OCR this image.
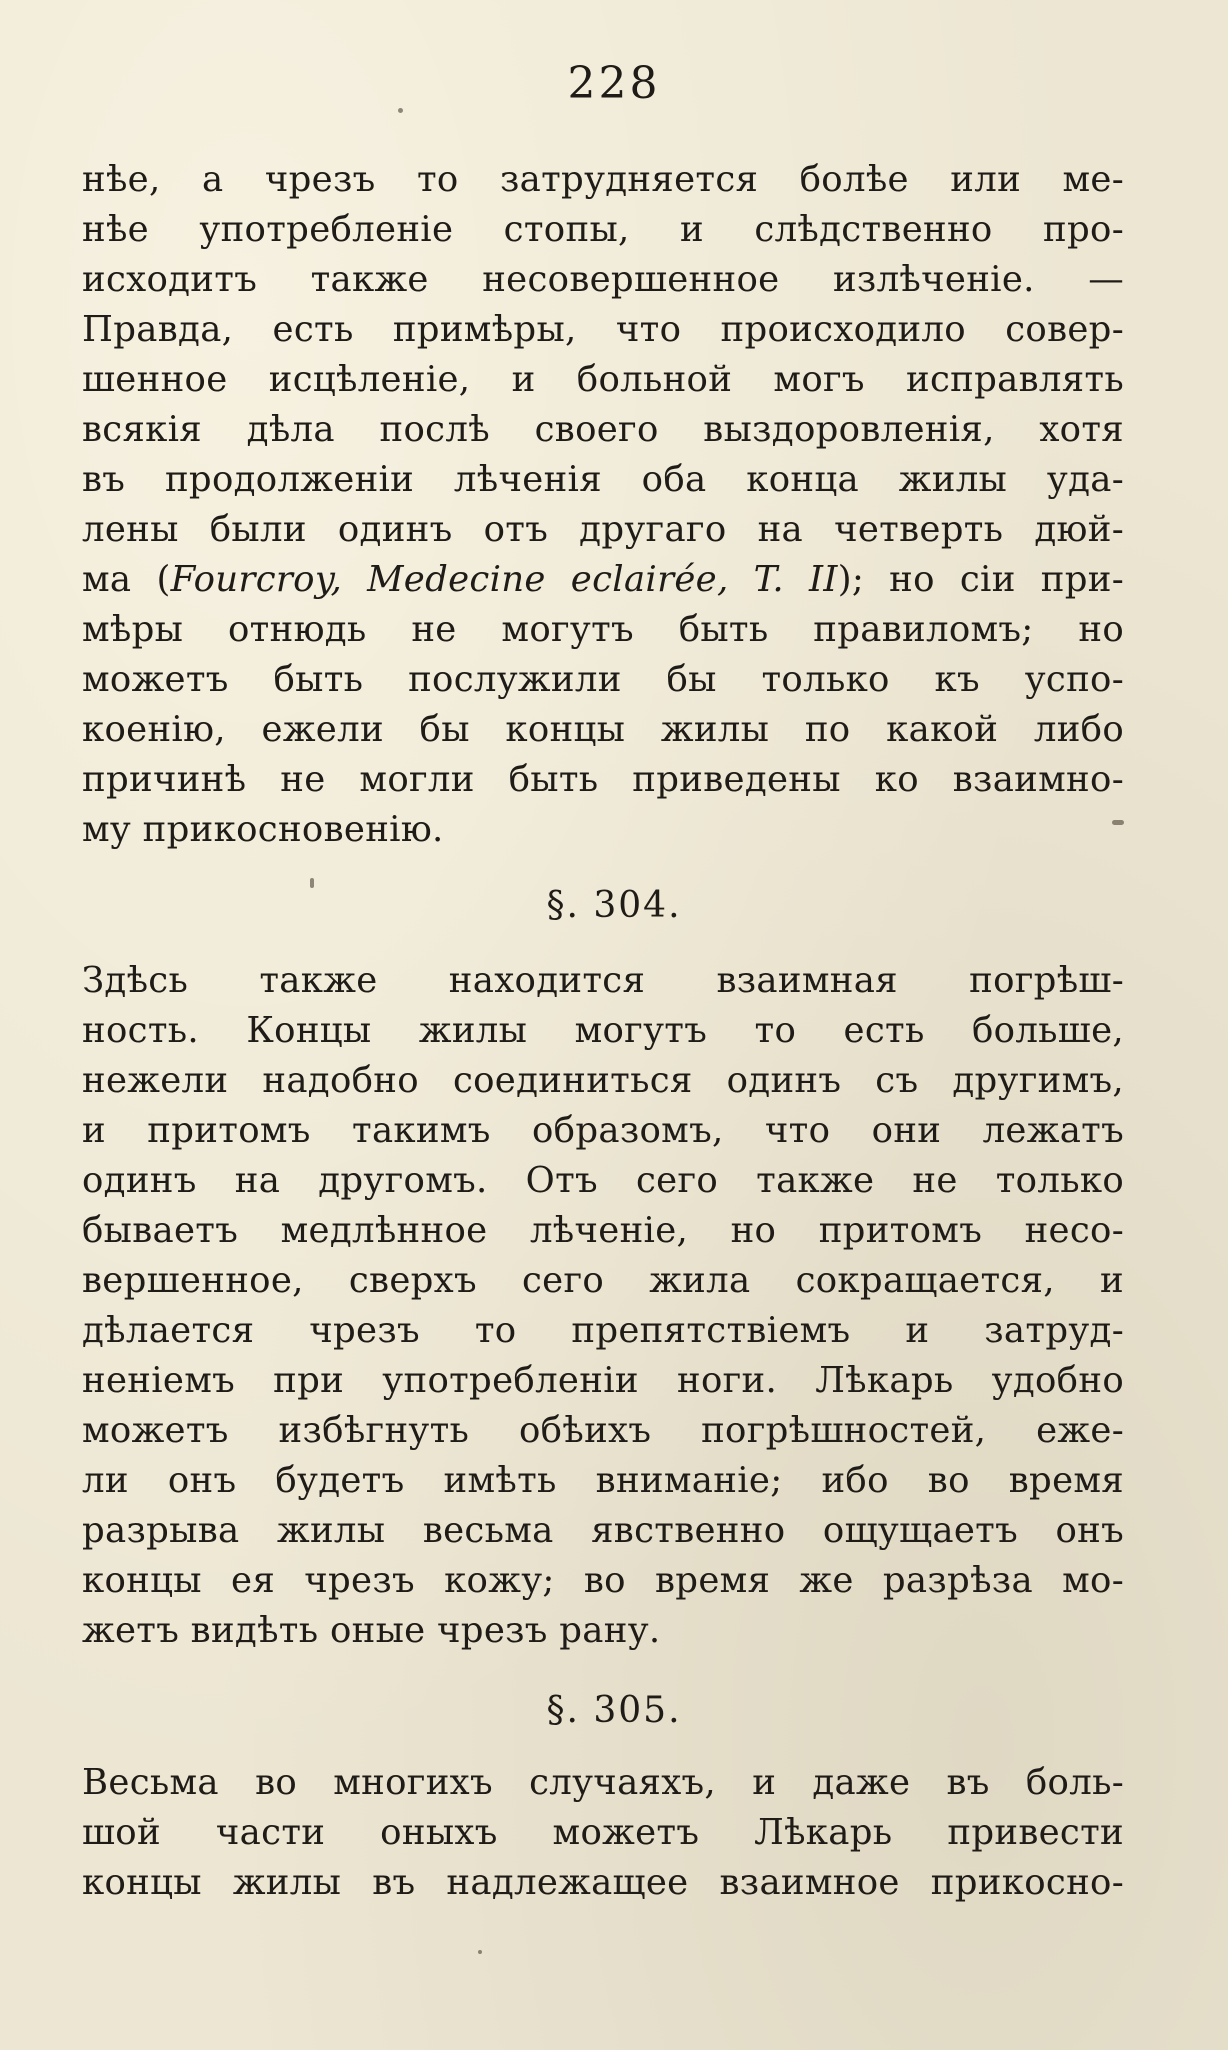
228
нѣе, а чрезъ то затрудняется болѣе или ме-
нѣе употребленіе стопы, и слѣдственно про-
исходитъ также несовершенное излѣченіе. —
Правда, есть примѣры, что происходило совер-
шенное исцѣленіе, и больной могъ исправлять
всякія дѣла послѣ своего выздоровленія, хотя
въ продолженіи лѣченія оба конца жилы уда-
лены были одинъ отъ другаго на четверть дюй-
ма (Fourcroy, Medecine eclairée, T. II); но сіи при-
мѣры отнюдь не могутъ быть правиломъ; но
можетъ быть послужили бы только къ успо-
коенію, ежели бы концы жилы по какой либо
причинѣ не могли быть приведены ко взаимно-
му прикосновенію.
§. 304.
Здѣсь также находится взаимная погрѣш-
ность. Концы жилы могутъ то есть больше,
нежели надобно соединиться одинъ съ другимъ,
и притомъ такимъ образомъ, что они лежатъ
одинъ на другомъ. Отъ сего также не только
бываетъ медлѣнное лѣченіе, но притомъ несо-
вершенное, сверхъ сего жила сокращается, и
дѣлается чрезъ то препятствіемъ и затруд-
неніемъ при употребленіи ноги. Лѣкарь удобно
можетъ избѣгнуть обѣихъ погрѣшностей, еже-
ли онъ будетъ имѣть вниманіе; ибо во время
разрыва жилы весьма явственно ощущаетъ онъ
концы ея чрезъ кожу; во время же разрѣза мо-
жетъ видѣть оные чрезъ рану.
§. 305.
Весьма во многихъ случаяхъ, и даже въ боль-
шой части оныхъ можетъ Лѣкарь привести
концы жилы въ надлежащее взаимное прикосно-
